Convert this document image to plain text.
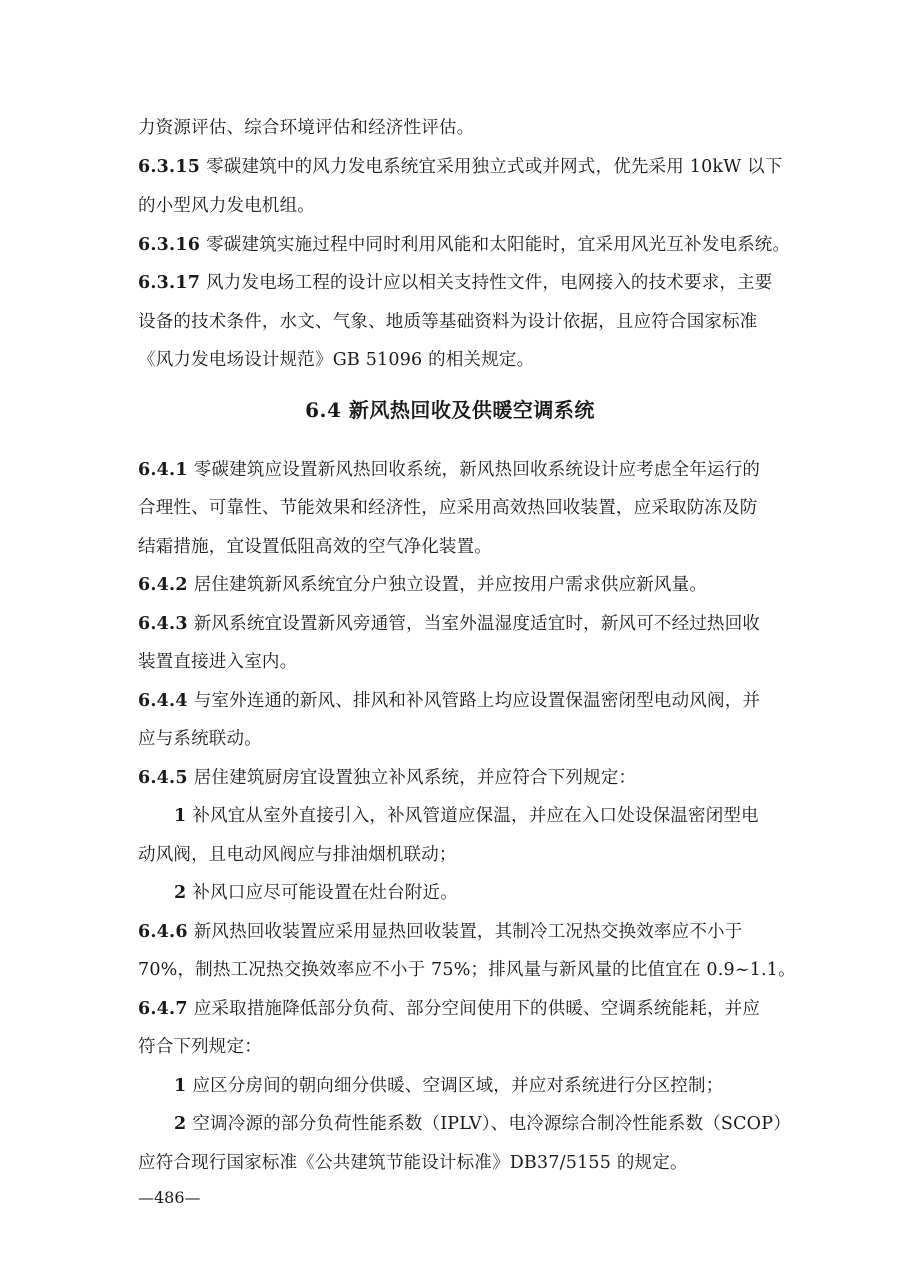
力资源评估、综合环境评估和经济性评估。
6.3.15 零碳建筑中的风力发电系统宜采用独立式或并网式，优先采用 10kW 以下
的小型风力发电机组。
6.3.16 零碳建筑实施过程中同时利用风能和太阳能时，宜采用风光互补发电系统。
6.3.17 风力发电场工程的设计应以相关支持性文件，电网接入的技术要求，主要
设备的技术条件，水文、气象、地质等基础资料为设计依据，且应符合国家标准
《风力发电场设计规范》GB 51096 的相关规定。
6.4 新风热回收及供暖空调系统
6.4.1 零碳建筑应设置新风热回收系统，新风热回收系统设计应考虑全年运行的
合理性、可靠性、节能效果和经济性，应采用高效热回收装置，应采取防冻及防
结霜措施，宜设置低阻高效的空气净化装置。
6.4.2 居住建筑新风系统宜分户独立设置，并应按用户需求供应新风量。
6.4.3 新风系统宜设置新风旁通管，当室外温湿度适宜时，新风可不经过热回收
装置直接进入室内。
6.4.4 与室外连通的新风、排风和补风管路上均应设置保温密闭型电动风阀，并
应与系统联动。
6.4.5 居住建筑厨房宜设置独立补风系统，并应符合下列规定：
1 补风宜从室外直接引入，补风管道应保温，并应在入口处设保温密闭型电
动风阀，且电动风阀应与排油烟机联动；
2 补风口应尽可能设置在灶台附近。
6.4.6 新风热回收装置应采用显热回收装置，其制冷工况热交换效率应不小于
70%，制热工况热交换效率应不小于 75%；排风量与新风量的比值宜在 0.9~1.1。
6.4.7 应采取措施降低部分负荷、部分空间使用下的供暖、空调系统能耗，并应
符合下列规定：
1 应区分房间的朝向细分供暖、空调区域，并应对系统进行分区控制；
2 空调冷源的部分负荷性能系数（IPLV）、电冷源综合制冷性能系数（SCOP）
应符合现行国家标准《公共建筑节能设计标准》DB37/5155 的规定。
—486—
